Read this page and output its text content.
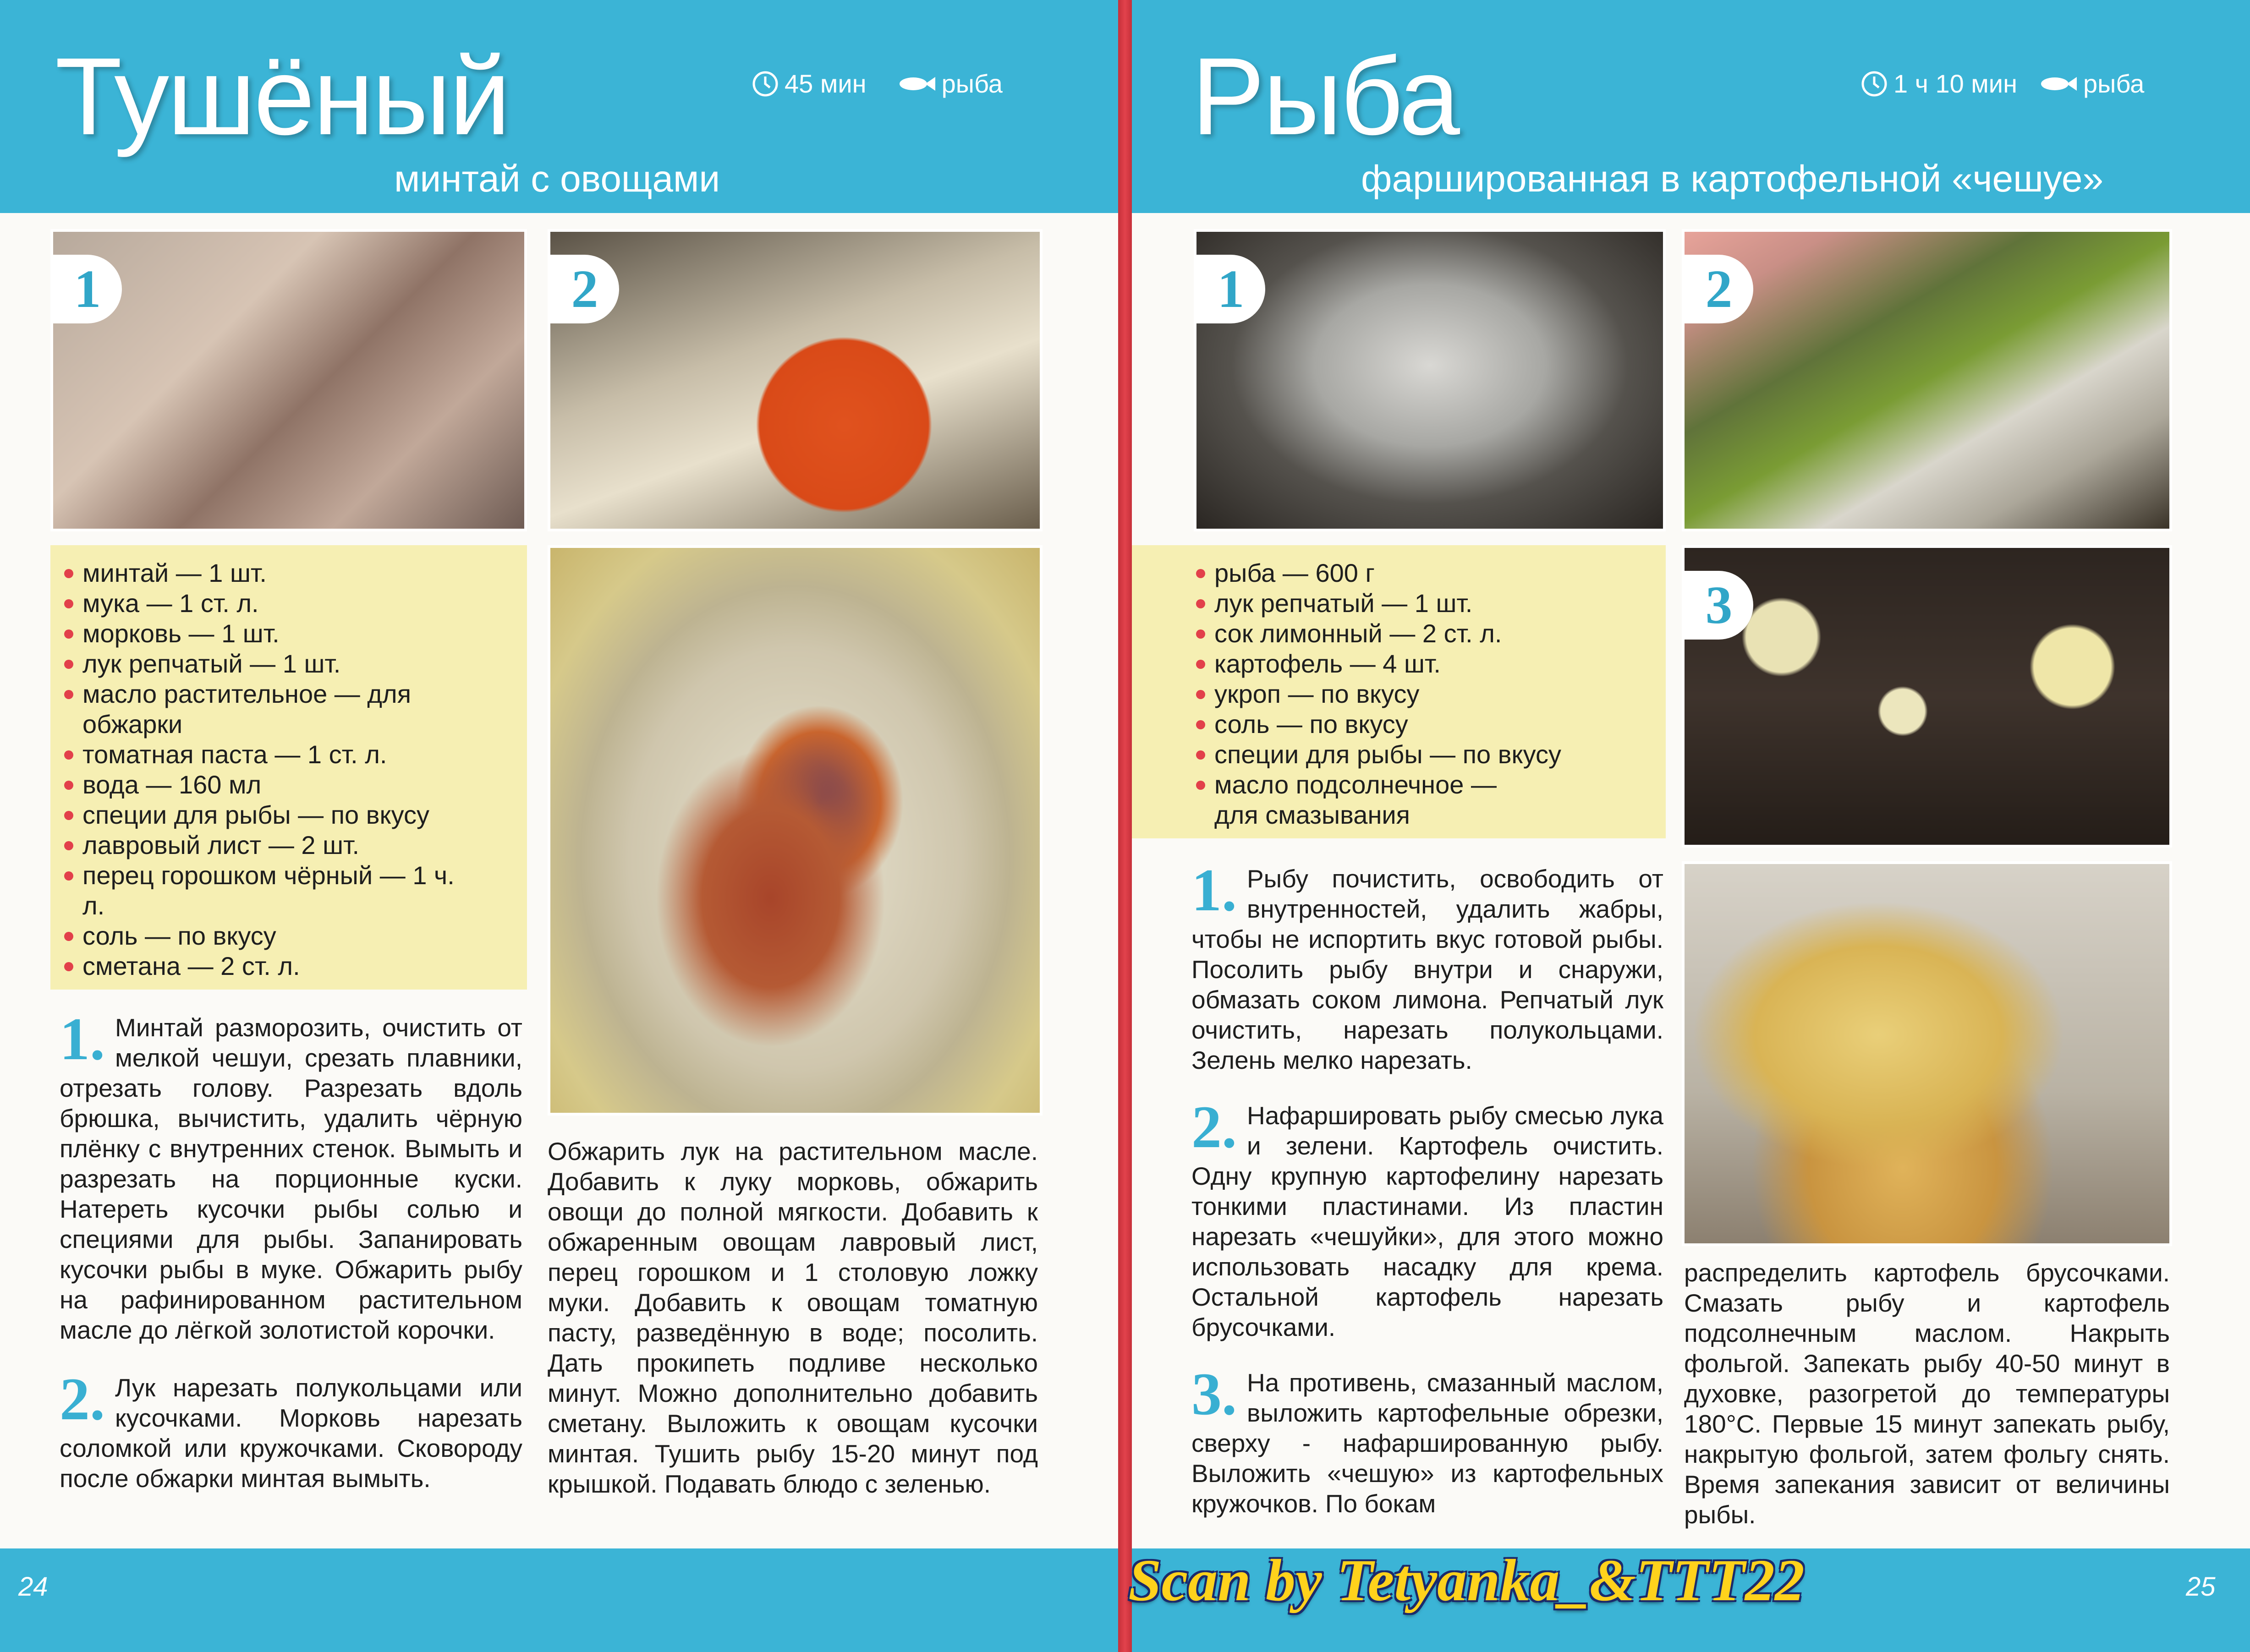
Тушёный
минтай с овощами
45 мин	рыба
1	2
минтай — 1 шт.
мука — 1 ст. л.
морковь — 1 шт.
лук репчатый — 1 шт.
масло растительное — для обжарки
томатная паста — 1 ст. л.
вода — 160 мл
специи для рыбы — по вкусу
лавровый лист — 2 шт.
перец горошком чёрный — 1 ч. л.
соль — по вкусу
сметана — 2 ст. л.

1. Минтай разморозить, очистить от мелкой чешуи, срезать плавники, отрезать голову. Разрезать вдоль брюшка, вычистить, удалить чёрную плёнку с внутренних стенок. Вымыть и разрезать на порционные куски. Натереть кусочки рыбы солью и специями для рыбы. Запанировать кусочки рыбы в муке. Обжарить рыбу на рафинированном растительном масле до лёгкой золотистой корочки.

2. Лук нарезать полукольцами или кусочками. Морковь нарезать соломкой или кружочками. Сковороду после обжарки минтая вымыть.

Обжарить лук на растительном масле. Добавить к луку морковь, обжарить овощи до полной мягкости. Добавить к обжаренным овощам лавровый лист, перец горошком и 1 столовую ложку муки. Добавить к овощам томатную пасту, разведённую в воде; посолить. Дать прокипеть подливе несколько минут. Можно дополнительно добавить сметану. Выложить к овощам кусочки минтая. Тушить рыбу 15-20 минут под крышкой. Подавать блюдо с зеленью.
24
Рыба
фаршированная в картофельной «чешуе»
1 ч 10 мин	рыба
1	2
рыба — 600 г
лук репчатый — 1 шт.
сок лимонный — 2 ст. л.
картофель — 4 шт.
укроп — по вкусу
соль — по вкусу
специи для рыбы — по вкусу
масло подсолнечное — для смазывания
3

1. Рыбу почистить, освободить от внутренностей, удалить жабры, чтобы не испортить вкус готовой рыбы. Посолить рыбу внутри и снаружи, обмазать соком лимона. Репчатый лук очистить, нарезать полукольцами. Зелень мелко нарезать.

2. Нафаршировать рыбу смесью лука и зелени. Картофель очистить. Одну крупную картофелину нарезать тонкими пластинами. Из пластин нарезать «чешуйки», для этого можно использовать насадку для крема. Остальной картофель нарезать брусочками.

3. На противень, смазанный маслом, выложить картофельные обрезки, сверху - нафаршированную рыбу. Выложить «чешую» из картофельных кружочков. По бокам

распределить картофель брусочками. Смазать рыбу и картофель подсолнечным маслом. Накрыть фольгой. Запекать рыбу 40-50 минут в духовке, разогретой до температуры 180°С. Первые 15 минут запекать рыбу, накрытую фольгой, затем фольгу снять. Время запекания зависит от величины рыбы.
25
Scan by Tetyanka_&TTT22
